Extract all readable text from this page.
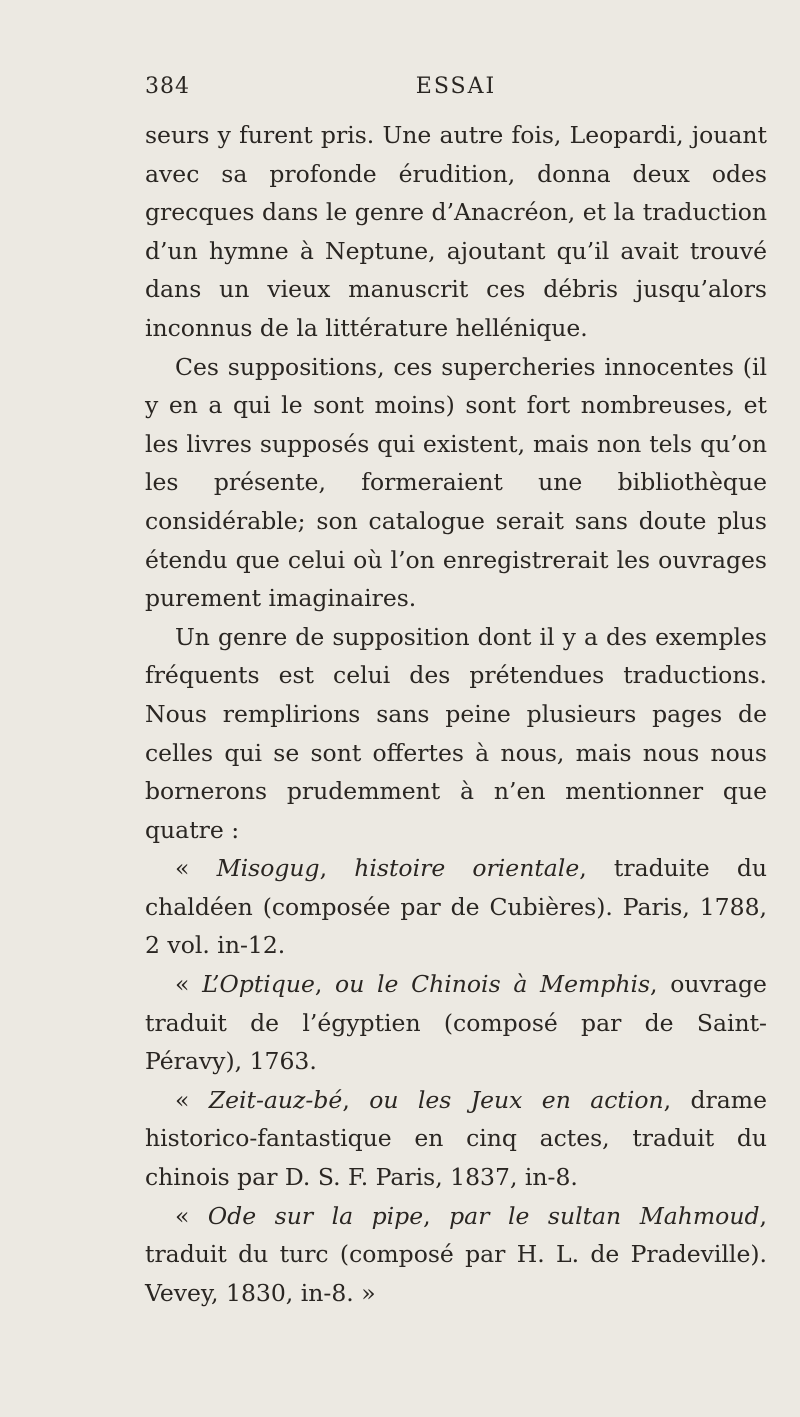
384	ESSAI

seurs y furent pris. Une autre fois, Leopardi, jouant avec sa profonde érudition, donna deux odes grecques dans le genre d’Anacréon, et la traduction d’un hymne à Neptune, ajoutant qu’il avait trouvé dans un vieux manuscrit ces débris jusqu’alors inconnus de la littérature hellénique.

Ces suppositions, ces supercheries innocentes (il y en a qui le sont moins) sont fort nombreuses, et les livres supposés qui existent, mais non tels qu’on les présente, formeraient une bibliothèque considérable; son catalogue serait sans doute plus étendu que celui où l’on enregistrerait les ouvrages purement imaginaires.

Un genre de supposition dont il y a des exemples fréquents est celui des prétendues traductions. Nous remplirions sans peine plusieurs pages de celles qui se sont offertes à nous, mais nous nous bornerons prudemment à n’en mentionner que quatre :

« Misogug, histoire orientale, traduite du chaldéen (composée par de Cubières). Paris, 1788, 2 vol. in-12.

« L’Optique, ou le Chinois à Memphis, ouvrage traduit de l’égyptien (composé par de Saint-Péravy), 1763.

« Zeit-auz-bé, ou les Jeux en action, drame historico-fantastique en cinq actes, traduit du chinois par D. S. F. Paris, 1837, in-8.

« Ode sur la pipe, par le sultan Mahmoud, traduit du turc (composé par H. L. de Pradeville). Vevey, 1830, in-8. »
